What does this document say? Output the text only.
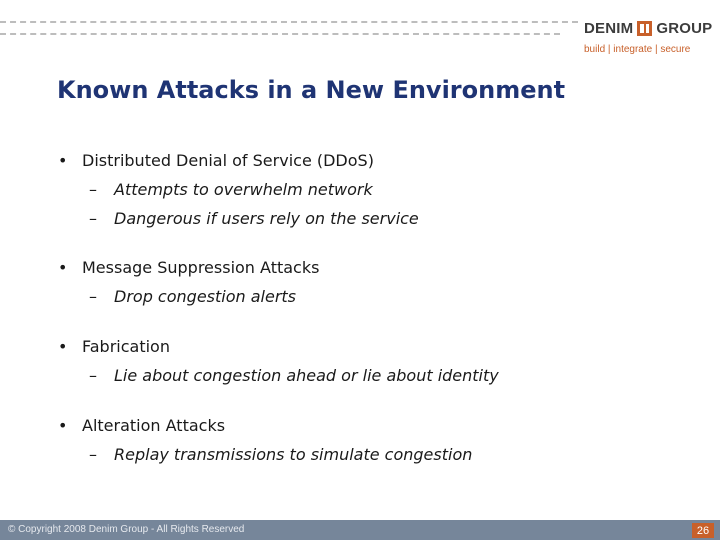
DENIM GROUP
build | integrate | secure
Known Attacks in a New Environment
• Distributed Denial of Service (DDoS)
–	Attempts to overwhelm network
–	Dangerous if users rely on the service
• Message Suppression Attacks
–	Drop congestion alerts
• Fabrication
–	Lie about congestion ahead or lie about identity
• Alteration Attacks
–	Replay transmissions to simulate congestion
© Copyright 2008 Denim Group - All Rights Reserved	26
